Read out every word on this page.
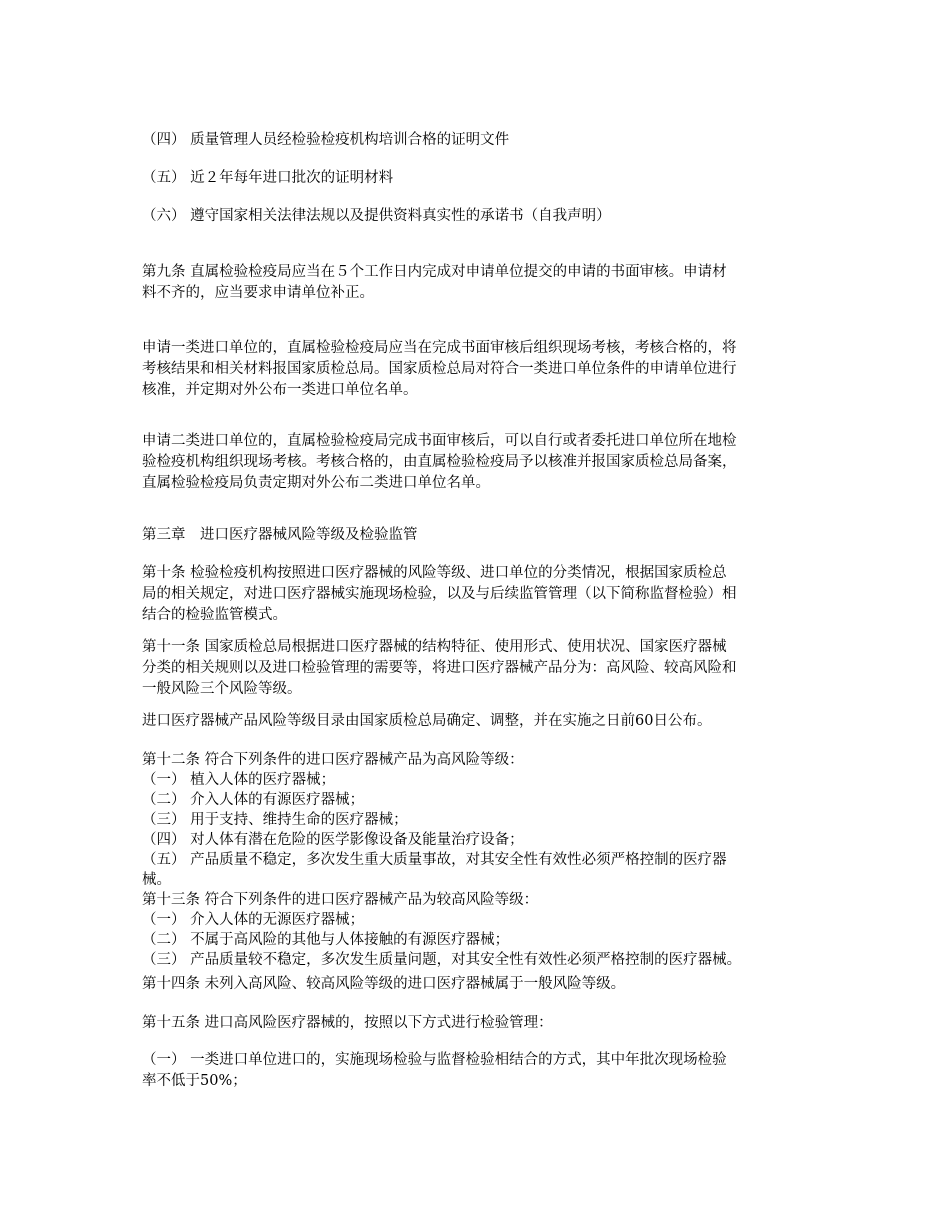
（四） 质量管理人员经检验检疫机构培训合格的证明文件
（五） 近２年每年进口批次的证明材料
（六） 遵守国家相关法律法规以及提供资料真实性的承诺书（自我声明）
第九条 直属检验检疫局应当在５个工作日内完成对申请单位提交的申请的书面审核。申请材
料不齐的，应当要求申请单位补正。
申请一类进口单位的，直属检验检疫局应当在完成书面审核后组织现场考核，考核合格的，将
考核结果和相关材料报国家质检总局。国家质检总局对符合一类进口单位条件的申请单位进行
核准，并定期对外公布一类进口单位名单。
申请二类进口单位的，直属检验检疫局完成书面审核后，可以自行或者委托进口单位所在地检
验检疫机构组织现场考核。考核合格的，由直属检验检疫局予以核准并报国家质检总局备案，
直属检验检疫局负责定期对外公布二类进口单位名单。
第三章　进口医疗器械风险等级及检验监管
第十条 检验检疫机构按照进口医疗器械的风险等级、进口单位的分类情况，根据国家质检总
局的相关规定，对进口医疗器械实施现场检验，以及与后续监管管理（以下简称监督检验）相
结合的检验监管模式。
第十一条 国家质检总局根据进口医疗器械的结构特征、使用形式、使用状况、国家医疗器械
分类的相关规则以及进口检验管理的需要等，将进口医疗器械产品分为：高风险、较高风险和
一般风险三个风险等级。
进口医疗器械产品风险等级目录由国家质检总局确定、调整，并在实施之日前60日公布。
第十二条 符合下列条件的进口医疗器械产品为高风险等级：
（一） 植入人体的医疗器械；
（二） 介入人体的有源医疗器械；
（三） 用于支持、维持生命的医疗器械；
（四） 对人体有潜在危险的医学影像设备及能量治疗设备；
（五） 产品质量不稳定，多次发生重大质量事故，对其安全性有效性必须严格控制的医疗器
械。
第十三条 符合下列条件的进口医疗器械产品为较高风险等级：
（一） 介入人体的无源医疗器械；
（二） 不属于高风险的其他与人体接触的有源医疗器械；
（三） 产品质量较不稳定，多次发生质量问题，对其安全性有效性必须严格控制的医疗器械。
第十四条 未列入高风险、较高风险等级的进口医疗器械属于一般风险等级。
第十五条 进口高风险医疗器械的，按照以下方式进行检验管理：
（一） 一类进口单位进口的，实施现场检验与监督检验相结合的方式，其中年批次现场检验
率不低于50%；
